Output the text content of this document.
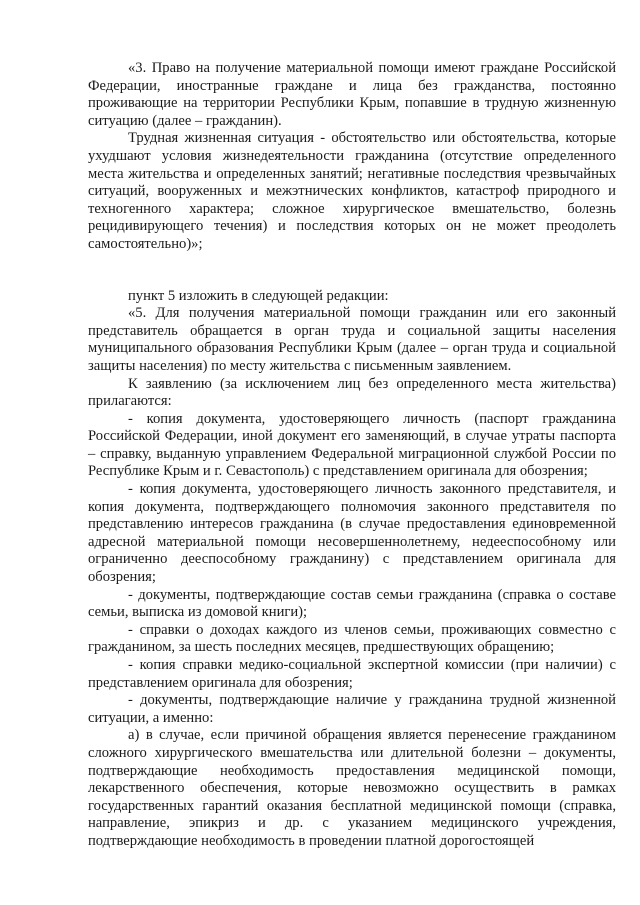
«3. Право на получение материальной помощи имеют граждане Российской Федерации, иностранные граждане и лица без гражданства, постоянно проживающие на территории Республики Крым, попавшие в трудную жизненную ситуацию (далее – гражданин).

Трудная жизненная ситуация - обстоятельство или обстоятельства, которые ухудшают условия жизнедеятельности гражданина (отсутствие определенного места жительства и определенных занятий; негативные последствия чрезвычайных ситуаций, вооруженных и межэтнических конфликтов, катастроф природного и техногенного характера; сложное хирургическое вмешательство, болезнь рецидивирующего течения) и последствия которых он не может преодолеть самостоятельно)»;

пункт 5 изложить в следующей редакции:

«5. Для получения материальной помощи гражданин или его законный представитель обращается в орган труда и социальной защиты населения муниципального образования Республики Крым (далее – орган труда и социальной защиты населения) по месту жительства с письменным заявлением.

К заявлению (за исключением лиц без определенного места жительства) прилагаются:

- копия документа, удостоверяющего личность (паспорт гражданина Российской Федерации, иной документ его заменяющий, в случае утраты паспорта – справку, выданную управлением Федеральной миграционной службой России по Республике Крым и г. Севастополь) с представлением оригинала для обозрения;

- копия документа, удостоверяющего личность законного представителя, и копия документа, подтверждающего полномочия законного представителя по представлению интересов гражданина (в случае предоставления единовременной адресной материальной помощи несовершеннолетнему, недееспособному или ограниченно дееспособному гражданину) с представлением оригинала для обозрения;

- документы, подтверждающие состав семьи гражданина (справка о составе семьи, выписка из домовой книги);

- справки о доходах каждого из членов семьи, проживающих совместно с гражданином, за шесть последних месяцев, предшествующих обращению;

- копия справки медико-социальной экспертной комиссии (при наличии) с представлением оригинала для обозрения;

- документы, подтверждающие наличие у гражданина трудной жизненной ситуации, а именно:

а) в случае, если причиной обращения является перенесение гражданином сложного хирургического вмешательства или длительной болезни – документы, подтверждающие необходимость предоставления медицинской помощи, лекарственного обеспечения, которые невозможно осуществить в рамках государственных гарантий оказания бесплатной медицинской помощи (справка, направление, эпикриз и др. с указанием медицинского учреждения, подтверждающие необходимость в проведении платной дорогостоящей
